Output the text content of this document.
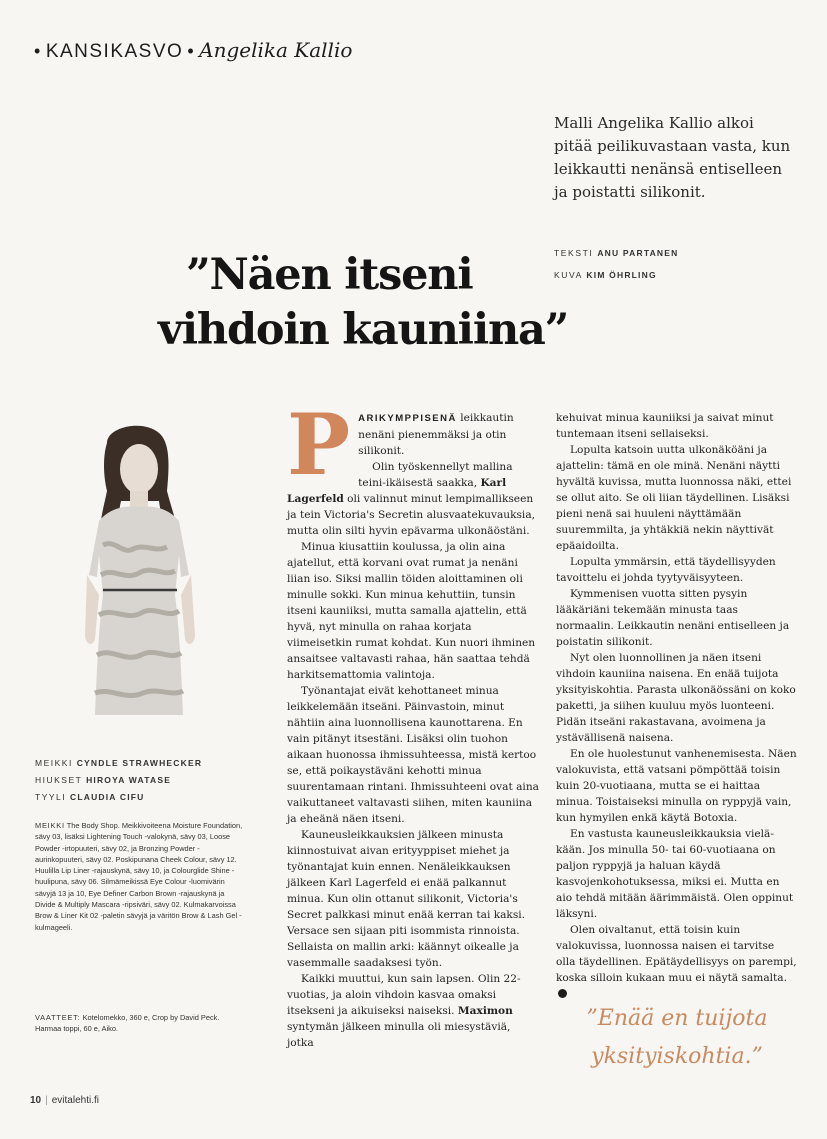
• KANSIKASVO • Angelika Kallio
Malli Angelika Kallio alkoi pitää peilikuvastaan vasta, kun leikkautti nenänsä entiselleen ja poistatti silikonit.
TEKSTI ANU PARTANEN
KUVA KIM ÖHRLING
”Näen itseni
vihdoin kauniina”
MEIKKI CYNDLE STRAWHECKER
HIUKSET HIROYA WATASE
TYYLI CLAUDIA CIFU
MEIKKI The Body Shop. Meikkivoiteena Moisture Foundation, sävy 03, lisäksi Lightening Touch -valokynä, sävy 03, Loose Powder -irtopuuteri, sävy 02, ja Bronzing Powder -aurinkopuuteri, sävy 02. Poskipunana Cheek Colour, sävy 12. Huulilla Lip Liner -rajauskynä, sävy 10, ja Colourglide Shine -huulipuna, sävy 06. Silmämeikissä Eye Colour -luomivärin sävyjä 13 ja 10, Eye Definer Carbon Brown -rajauskynä ja Divide & Multiply Mascara -ripsiväri, sävy 02. Kulmakarvoissa Brow & Liner Kit 02 -paletin sävyjä ja väritön Brow & Lash Gel -kulmageeli.
VAATTEET: Kotelomekko, 360 e, Crop by David Peck. Harmaa toppi, 60 e, Aiko.

PARIKYMPPISENÄ leikkautin nenäni pienemmäksi ja otin silikonit.

Olin työskennellyt mallina teini-ikäisestä saakka, Karl Lagerfeld oli valinnut minut lempimallikseen ja tein Victoria's Secretin alusvaatekuvauksia, mutta olin silti hyvin epävarma ulkonäöstäni.

Minua kiusattiin koulussa, ja olin aina ajatellut, että korvani ovat rumat ja nenäni liian iso. Siksi mallin töiden aloittaminen oli minulle sokki. Kun minua kehuttiin, tunsin itseni kauniiksi, mutta samalla ajattelin, että hyvä, nyt minulla on rahaa korjata viimeisetkin rumat kohdat. Kun nuori ihminen ansaitsee valtavasti rahaa, hän saattaa tehdä harkitsemattomia valintoja.

Työnantajat eivät kehottaneet minua leikkelemään itseäni. Päinvastoin, minut nähtiin aina luonnollisena kaunottarena. En vain pitänyt itsestäni. Lisäksi olin tuohon aikaan huonossa ihmissuhteessa, mistä kertoo se, että poikaystäväni kehotti minua suurentamaan rintani. Ihmissuhteeni ovat aina vaikuttaneet valtavasti siihen, miten kauniina ja eheänä näen itseni.

Kauneusleikkauksien jälkeen minusta kiinnostuivat aivan erityyppiset miehet ja työnantajat kuin ennen. Nenäleikkauksen jälkeen Karl Lagerfeld ei enää palkannut minua. Kun olin ottanut silikonit, Victoria's Secret palkkasi minut enää kerran tai kaksi. Versace sen sijaan piti isommista rinnoista. Sellaista on mallin arki: käännyt oikealle ja vasemmalle saadaksesi työn.

Kaikki muuttui, kun sain lapsen. Olin 22-vuotias, ja aloin vihdoin kasvaa omaksi itsekseni ja aikuiseksi naiseksi. Maximon syntymän jälkeen minulla oli miesystäviä, jotka

kehuivat minua kauniiksi ja saivat minut tuntemaan itseni sellaiseksi.

Lopulta katsoin uutta ulkonäköäni ja ajattelin: tämä en ole minä. Nenäni näytti hyvältä kuvissa, mutta luonnossa näki, ettei se ollut aito. Se oli liian täydellinen. Lisäksi pieni nenä sai huuleni näyttämään suuremmilta, ja yhtäkkiä nekin näyttivät epäaidoilta.

Lopulta ymmärsin, että täydellisyyden tavoittelu ei johda tyytyväisyyteen.

Kymmenisen vuotta sitten pysyin lääkäriäni tekemään minusta taas normaalin. Leikkautin nenäni entiselleen ja poistatin silikonit.

Nyt olen luonnollinen ja näen itseni vihdoin kauniina naisena. En enää tuijota yksityiskohtia. Parasta ulkonäössäni on koko paketti, ja siihen kuuluu myös luonteeni. Pidän itseäni rakastavana, avoimena ja ystävällisenä naisena.

En ole huolestunut vanhenemisesta. Näen valokuvista, että vatsani pömpöttää toisin kuin 20-vuotiaana, mutta se ei haittaa minua. Toistaiseksi minulla on ryppyjä vain, kun hymyilen enkä käytä Botoxia.

En vastusta kauneusleikkauksia vieläkään. Jos minulla 50- tai 60-vuotiaana on paljon ryppyjä ja haluan käydä kasvojenkohotuksessa, miksi ei. Mutta en aio tehdä mitään äärimmäistä. Olen oppinut läksyni.

Olen oivaltanut, että toisin kuin valokuvissa, luonnossa naisen ei tarvitse olla täydellinen. Epätäydellisyys on parempi, koska silloin kukaan muu ei näytä samalta.

”Enää en tuijota yksityiskohtia.”
10 | evitalehti.fi
